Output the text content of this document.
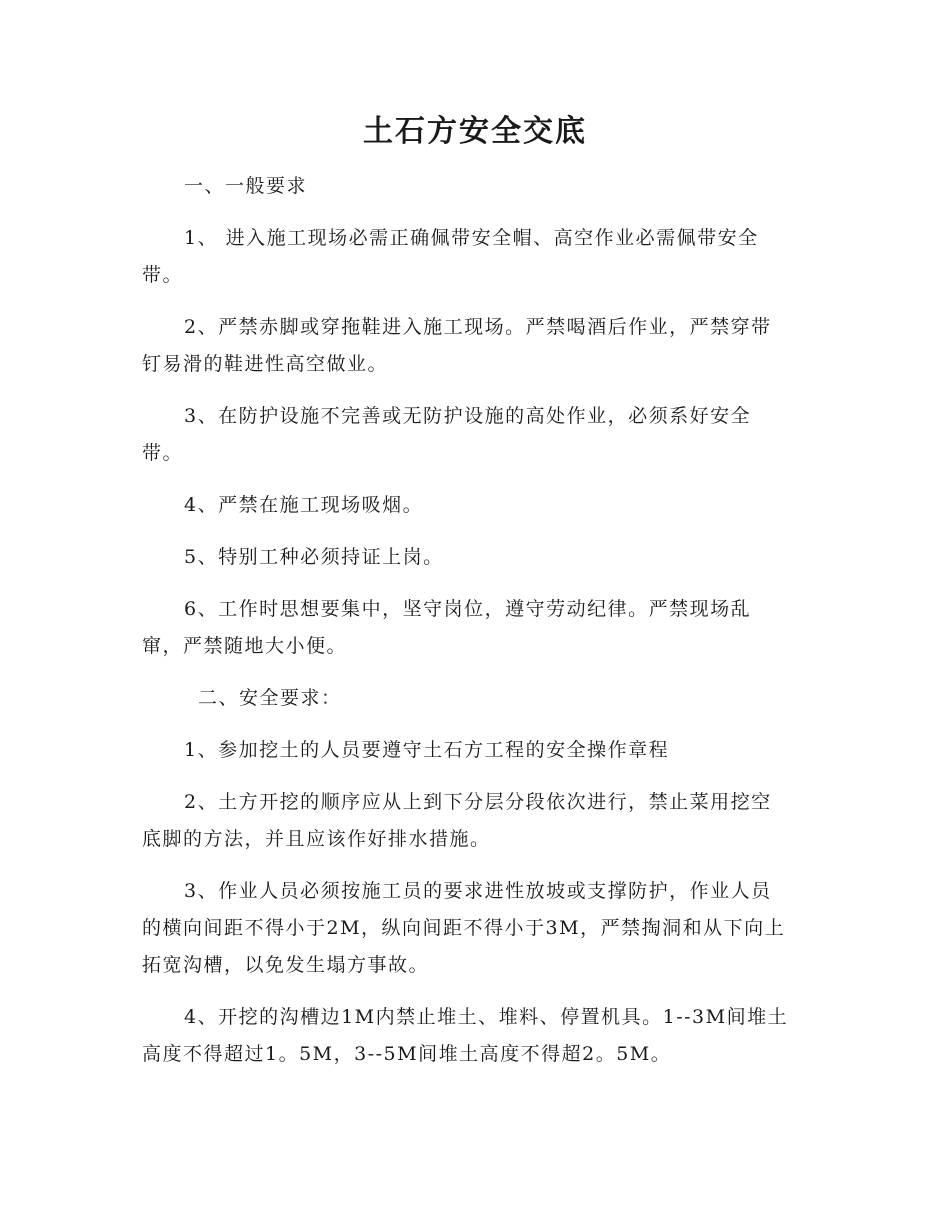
土石方安全交底

一、一般要求

1、 进入施工现场必需正确佩带安全帽、高空作业必需佩带安全

带。

2、严禁赤脚或穿拖鞋进入施工现场。严禁喝酒后作业，严禁穿带

钉易滑的鞋进性高空做业。

3、在防护设施不完善或无防护设施的高处作业，必须系好安全

带。

4、严禁在施工现场吸烟。

5、特别工种必须持证上岗。

6、工作时思想要集中，坚守岗位，遵守劳动纪律。严禁现场乱

窜，严禁随地大小便。

二、安全要求：

1、参加挖土的人员要遵守土石方工程的安全操作章程

2、土方开挖的顺序应从上到下分层分段依次进行，禁止菜用挖空

底脚的方法，并且应该作好排水措施。

3、作业人员必须按施工员的要求进性放坡或支撑防护，作业人员

的横向间距不得小于2M，纵向间距不得小于3M，严禁掏洞和从下向上

拓宽沟槽，以免发生塌方事故。

4、开挖的沟槽边1M内禁止堆土、堆料、停置机具。1--3M间堆土

高度不得超过1。5M，3--5M间堆土高度不得超2。5M。
